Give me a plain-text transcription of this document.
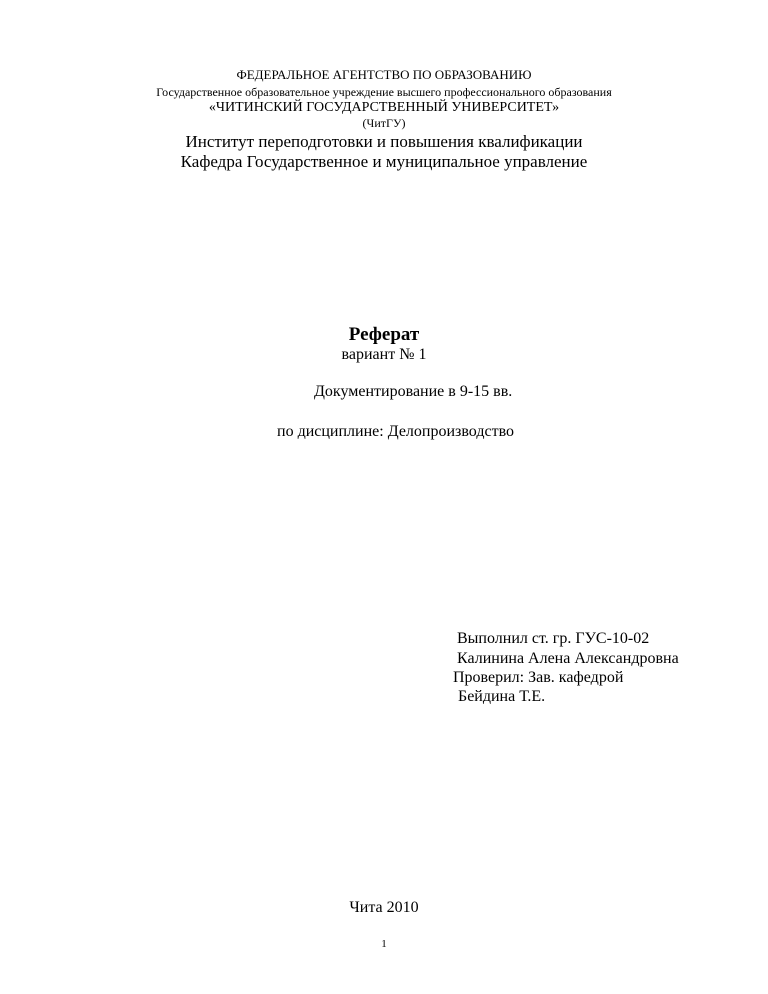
ФЕДЕРАЛЬНОЕ АГЕНТСТВО ПО ОБРАЗОВАНИЮ
Государственное образовательное учреждение высшего профессионального образования
«ЧИТИНСКИЙ ГОСУДАРСТВЕННЫЙ УНИВЕРСИТЕТ»
(ЧитГУ)
Институт переподготовки и повышения квалификации
Кафедра Государственное и муниципальное управление
Реферат
вариант № 1
Документирование в 9-15 вв.
по дисциплине: Делопроизводство
Выполнил ст. гр. ГУС-10-02
Калинина Алена Александровна
Проверил: Зав. кафедрой
Бейдина Т.Е.
Чита 2010
1
